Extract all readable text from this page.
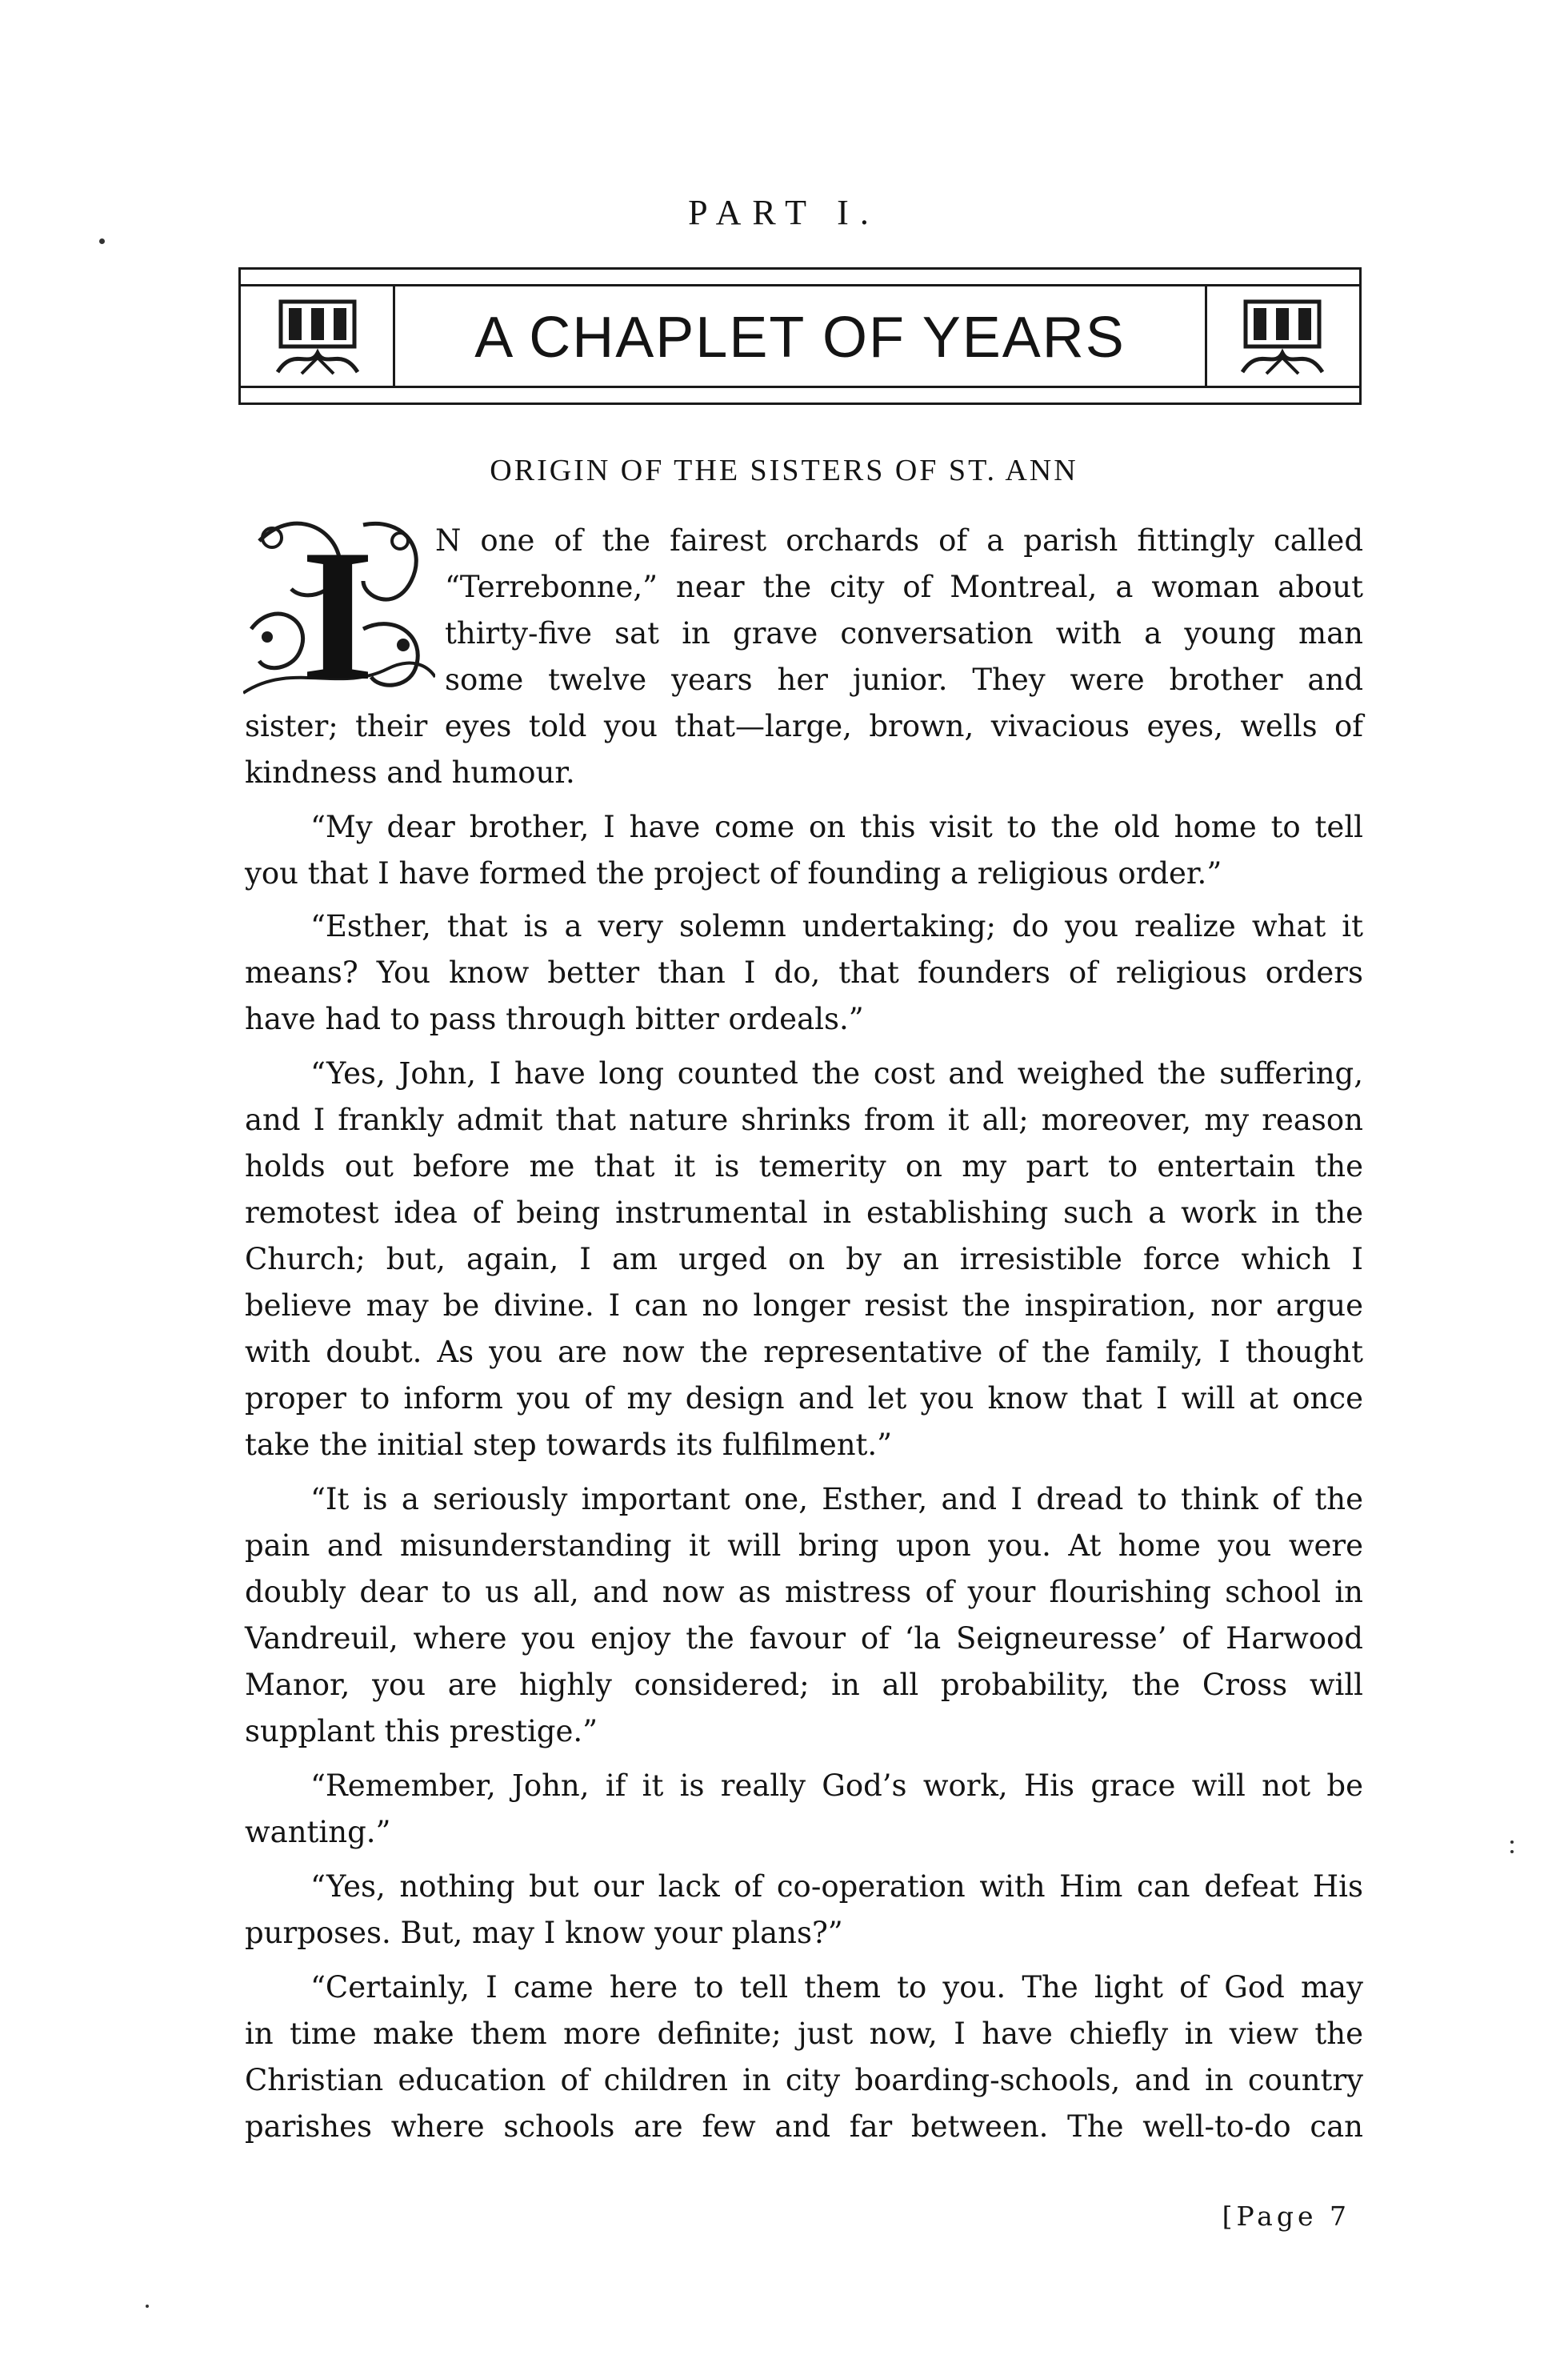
PART I.
A CHAPLET OF YEARS
ORIGIN OF THE SISTERS OF ST. ANN
I N one of the fairest orchards of a parish fittingly called
“Terrebonne,” near the city of Montreal, a woman about
thirty-five sat in grave conversation with a young man
some twelve years her junior. They were brother and
sister; their eyes told you that—large, brown, vivacious eyes, wells of
kindness and humour.
“My dear brother, I have come on this visit to the old home to tell
you that I have formed the project of founding a religious order.”
“Esther, that is a very solemn undertaking; do you realize what it
means? You know better than I do, that founders of religious orders
have had to pass through bitter ordeals.”
“Yes, John, I have long counted the cost and weighed the suffering,
and I frankly admit that nature shrinks from it all; moreover, my reason
holds out before me that it is temerity on my part to entertain the
remotest idea of being instrumental in establishing such a work in the
Church; but, again, I am urged on by an irresistible force which I
believe may be divine. I can no longer resist the inspiration, nor argue
with doubt. As you are now the representative of the family, I thought
proper to inform you of my design and let you know that I will at once
take the initial step towards its fulfilment.”
“It is a seriously important one, Esther, and I dread to think of the
pain and misunderstanding it will bring upon you. At home you were
doubly dear to us all, and now as mistress of your flourishing school in
Vandreuil, where you enjoy the favour of ‘la Seigneuresse’ of Harwood
Manor, you are highly considered; in all probability, the Cross will
supplant this prestige.”
“Remember, John, if it is really God’s work, His grace will not be
wanting.”
“Yes, nothing but our lack of co-operation with Him can defeat His
purposes. But, may I know your plans?”
“Certainly, I came here to tell them to you. The light of God may
in time make them more definite; just now, I have chiefly in view the
Christian education of children in city boarding-schools, and in country
parishes where schools are few and far between. The well-to-do can
[Page 7
